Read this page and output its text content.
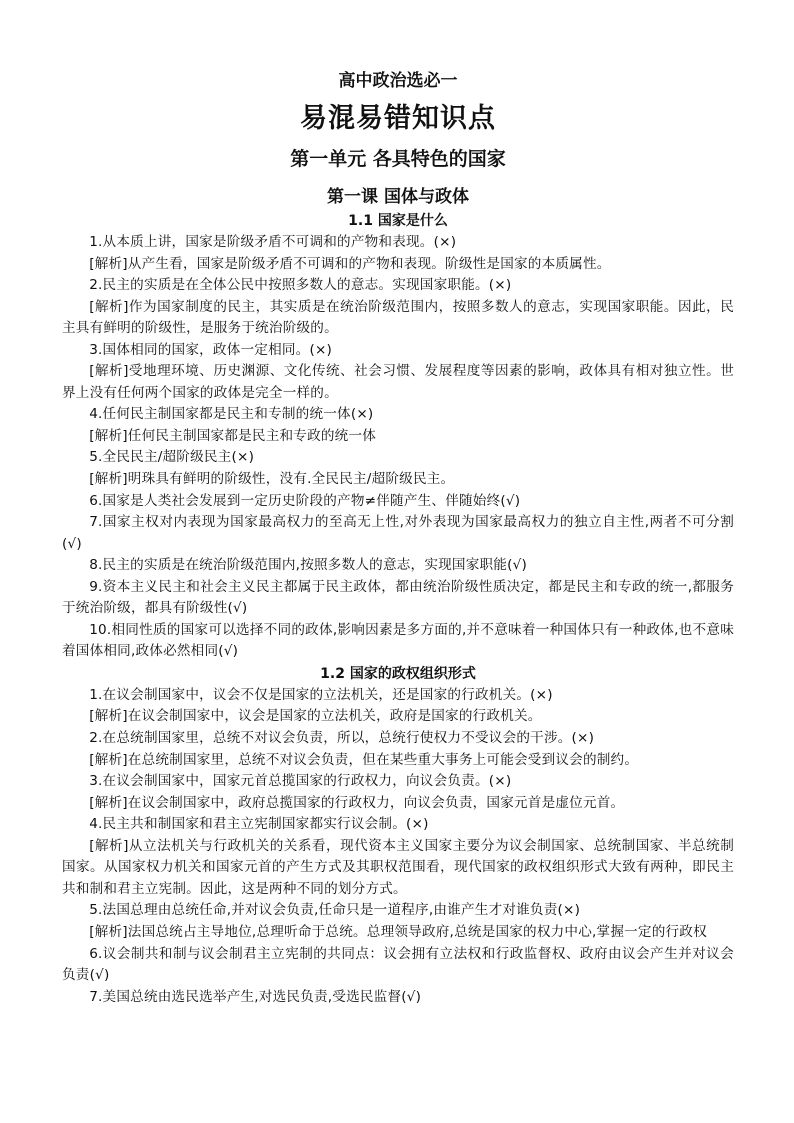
高中政治选必一
易混易错知识点
第一单元 各具特色的国家
第一课 国体与政体
1.1 国家是什么

1.从本质上讲，国家是阶级矛盾不可调和的产物和表现。(×)

[解析]从产生看，国家是阶级矛盾不可调和的产物和表现。阶级性是国家的本质属性。

2.民主的实质是在全体公民中按照多数人的意志。实现国家职能。(×)

[解析]作为国家制度的民主，其实质是在统治阶级范围内，按照多数人的意志，实现国家职能。因此，民主具有鲜明的阶级性，是服务于统治阶级的。

3.国体相同的国家，政体一定相同。(×)

[解析]受地理环境、历史渊源、文化传统、社会习惯、发展程度等因素的影响，政体具有相对独立性。世界上没有任何两个国家的政体是完全一样的。

4.任何民主制国家都是民主和专制的统一体(×)

[解析]任何民主制国家都是民主和专政的统一体

5.全民民主/超阶级民主(×)

[解析]明珠具有鲜明的阶级性，没有.全民民主/超阶级民主。

6.国家是人类社会发展到一定历史阶段的产物≠伴随产生、伴随始终(√)

7.国家主权对内表现为国家最高权力的至高无上性,对外表现为国家最高权力的独立自主性,两者不可分割(√)

8.民主的实质是在统治阶级范围内,按照多数人的意志，实现国家职能(√)

9.资本主义民主和社会主义民主都属于民主政体，都由统治阶级性质决定，都是民主和专政的统一,都服务于统治阶级，都具有阶级性(√)

10.相同性质的国家可以选择不同的政体,影响因素是多方面的,并不意味着一种国体只有一种政体,也不意味着国体相同,政体必然相同(√)

1.2 国家的政权组织形式

1.在议会制国家中，议会不仅是国家的立法机关，还是国家的行政机关。(×)

[解析]在议会制国家中，议会是国家的立法机关，政府是国家的行政机关。

2.在总统制国家里，总统不对议会负责，所以，总统行使权力不受议会的干涉。(×)

[解析]在总统制国家里，总统不对议会负责，但在某些重大事务上可能会受到议会的制约。

3.在议会制国家中，国家元首总揽国家的行政权力，向议会负责。(×)

[解析]在议会制国家中，政府总揽国家的行政权力，向议会负责，国家元首是虚位元首。

4.民主共和制国家和君主立宪制国家都实行议会制。(×)

[解析]从立法机关与行政机关的关系看，现代资本主义国家主要分为议会制国家、总统制国家、半总统制国家。从国家权力机关和国家元首的产生方式及其职权范围看，现代国家的政权组织形式大致有两种，即民主共和制和君主立宪制。因此，这是两种不同的划分方式。

5.法国总理由总统任命,并对议会负责,任命只是一道程序,由谁产生才对谁负责(×)

[解析]法国总统占主导地位,总理听命于总统。总理领导政府,总统是国家的权力中心,掌握一定的行政权

6.议会制共和制与议会制君主立宪制的共同点：议会拥有立法权和行政监督权、政府由议会产生并对议会负责(√)

7.美国总统由选民选举产生,对选民负责,受选民监督(√)
